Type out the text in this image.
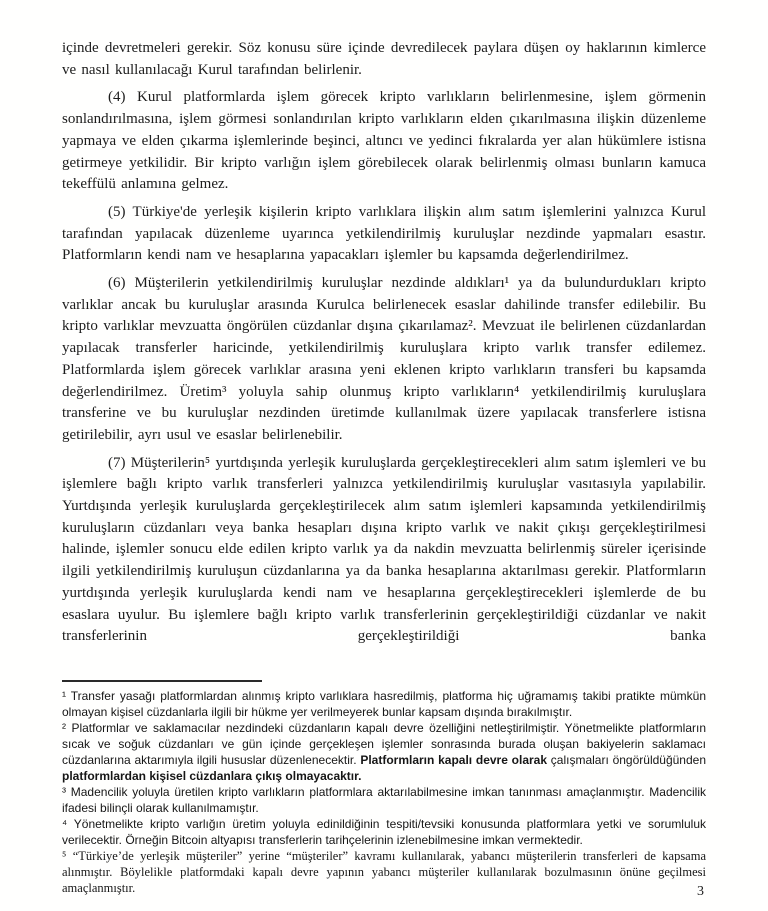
içinde devretmeleri gerekir. Söz konusu süre içinde devredilecek paylara düşen oy haklarının kimlerce ve nasıl kullanılacağı Kurul tarafından belirlenir.

(4) Kurul platformlarda işlem görecek kripto varlıkların belirlenmesine, işlem görmenin sonlandırılmasına, işlem görmesi sonlandırılan kripto varlıkların elden çıkarılmasına ilişkin düzenleme yapmaya ve elden çıkarma işlemlerinde beşinci, altıncı ve yedinci fıkralarda yer alan hükümlere istisna getirmeye yetkilidir. Bir kripto varlığın işlem görebilecek olarak belirlenmiş olması bunların kamuca tekeffülü anlamına gelmez.

(5) Türkiye'de yerleşik kişilerin kripto varlıklara ilişkin alım satım işlemlerini yalnızca Kurul tarafından yapılacak düzenleme uyarınca yetkilendirilmiş kuruluşlar nezdinde yapmaları esastır. Platformların kendi nam ve hesaplarına yapacakları işlemler bu kapsamda değerlendirilmez.

(6) Müşterilerin yetkilendirilmiş kuruluşlar nezdinde aldıkları¹ ya da bulundurdukları kripto varlıklar ancak bu kuruluşlar arasında Kurulca belirlenecek esaslar dahilinde transfer edilebilir. Bu kripto varlıklar mevzuatta öngörülen cüzdanlar dışına çıkarılamaz². Mevzuat ile belirlenen cüzdanlardan yapılacak transferler haricinde, yetkilendirilmiş kuruluşlara kripto varlık transfer edilemez. Platformlarda işlem görecek varlıklar arasına yeni eklenen kripto varlıkların transferi bu kapsamda değerlendirilmez. Üretim³ yoluyla sahip olunmuş kripto varlıkların⁴ yetkilendirilmiş kuruluşlara transferine ve bu kuruluşlar nezdinden üretimde kullanılmak üzere yapılacak transferlere istisna getirilebilir, ayrı usul ve esaslar belirlenebilir.

(7) Müşterilerin⁵ yurtdışında yerleşik kuruluşlarda gerçekleştirecekleri alım satım işlemleri ve bu işlemlere bağlı kripto varlık transferleri yalnızca yetkilendirilmiş kuruluşlar vasıtasıyla yapılabilir. Yurtdışında yerleşik kuruluşlarda gerçekleştirilecek alım satım işlemleri kapsamında yetkilendirilmiş kuruluşların cüzdanları veya banka hesapları dışına kripto varlık ve nakit çıkışı gerçekleştirilmesi halinde, işlemler sonucu elde edilen kripto varlık ya da nakdin mevzuatta belirlenmiş süreler içerisinde ilgili yetkilendirilmiş kuruluşun cüzdanlarına ya da banka hesaplarına aktarılması gerekir. Platformların yurtdışında yerleşik kuruluşlarda kendi nam ve hesaplarına gerçekleştirecekleri işlemlerde de bu esaslara uyulur. Bu işlemlere bağlı kripto varlık transferlerinin gerçekleştirildiği cüzdanlar ve nakit transferlerinin gerçekleştirildiği banka

¹ Transfer yasağı platformlardan alınmış kripto varlıklara hasredilmiş, platforma hiç uğramamış takibi pratikte mümkün olmayan kişisel cüzdanlarla ilgili bir hükme yer verilmeyerek bunlar kapsam dışında bırakılmıştır.

² Platformlar ve saklamacılar nezdindeki cüzdanların kapalı devre özelliğini netleştirilmiştir. Yönetmelikte platformların sıcak ve soğuk cüzdanları ve gün içinde gerçekleşen işlemler sonrasında burada oluşan bakiyelerin saklamacı cüzdanlarına aktarımıyla ilgili hususlar düzenlenecektir. Platformların kapalı devre olarak çalışmaları öngörüldüğünden platformlardan kişisel cüzdanlara çıkış olmayacaktır.

³ Madencilik yoluyla üretilen kripto varlıkların platformlara aktarılabilmesine imkan tanınması amaçlanmıştır. Madencilik ifadesi bilinçli olarak kullanılmamıştır.

⁴ Yönetmelikte kripto varlığın üretim yoluyla edinildiğinin tespiti/tevsiki konusunda platformlara yetki ve sorumluluk verilecektir. Örneğin Bitcoin altyapısı transferlerin tarihçelerinin izlenebilmesine imkan vermektedir.

⁵ “Türkiye’de yerleşik müşteriler” yerine “müşteriler” kavramı kullanılarak, yabancı müşterilerin transferleri de kapsama alınmıştır. Böylelikle platformdaki kapalı devre yapının yabancı müşteriler kullanılarak bozulmasının önüne geçilmesi amaçlanmıştır.	3
